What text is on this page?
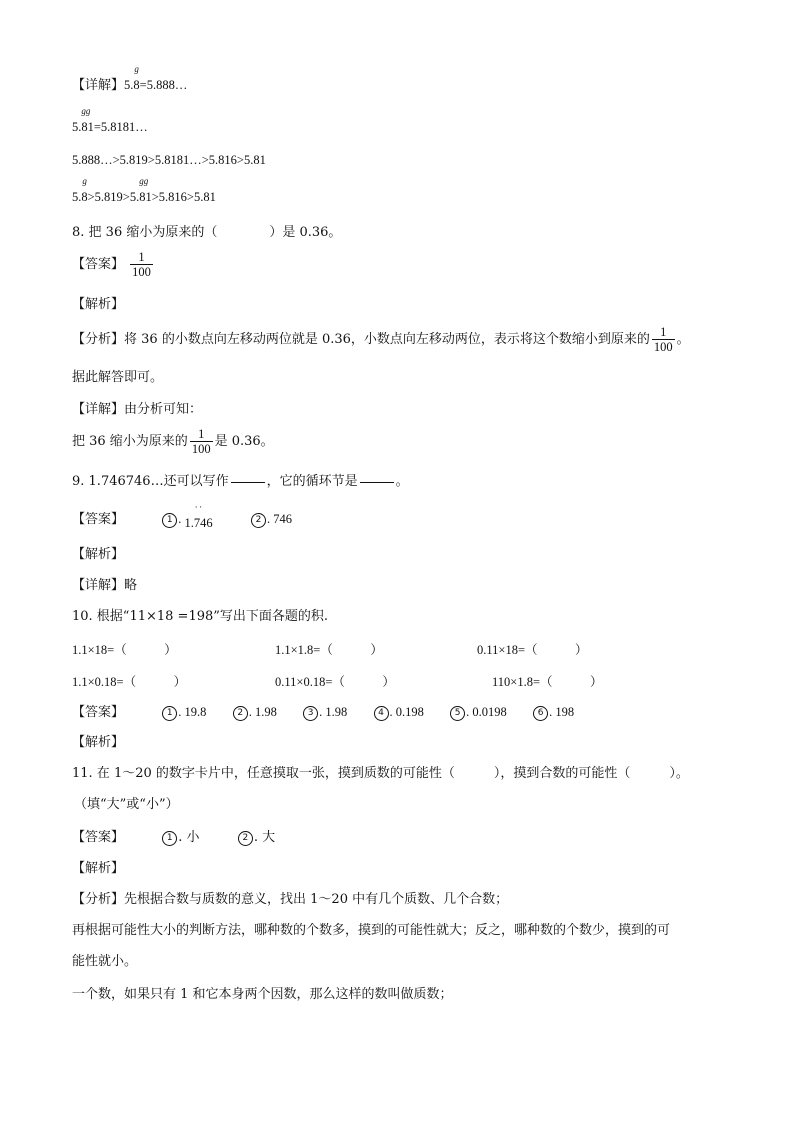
【详解】5.
g
8=5.888…
5.
gg
81=5.8181…
5.888…>5.819>5.8181…>5.816>5.81
5.
g
8>5.819>5.
gg
81>5.816>5.81
8. 把 36 缩小为原来的（　　　　）是 0.36。
【答案】 $\frac{1}{100}$
【解析】
【分析】将 36 的小数点向左移动两位就是 0.36，小数点向左移动两位，表示将这个数缩小到原来的 $\frac{1}{100}$ 。
据此解答即可。
【详解】由分析可知：
把 36 缩小为原来的 $\frac{1}{100}$ 是 0.36。
9. 1.746746…还可以写作	，它的循环节是	。
【答案】	1 . 1.
· ·
746	2 . 746
【解析】
【详解】略
10. 根据“11×18 =198”写出下面各题的积.
1.1×18=（　　　）	1.1×1.8=（　　　）	0.11×18=（　　　）
1.1×0.18=（　　　）	0.11×0.18=（　　　）	110×1.8=（　　　）
【答案】	1 . 19.8	2 . 1.98	3 . 1.98	4 . 0.198	5 . 0.0198	6 . 198
【解析】
11. 在 1～20 的数字卡片中，任意摸取一张，摸到质数的可能性（　　　），摸到合数的可能性（　　　）。
（填“大”或“小”）
【答案】	1 . 小	2 . 大
【解析】
【分析】先根据合数与质数的意义，找出 1～20 中有几个质数、几个合数；
再根据可能性大小的判断方法，哪种数的个数多，摸到的可能性就大；反之，哪种数的个数少，摸到的可
能性就小。
一个数，如果只有 1 和它本身两个因数，那么这样的数叫做质数；
